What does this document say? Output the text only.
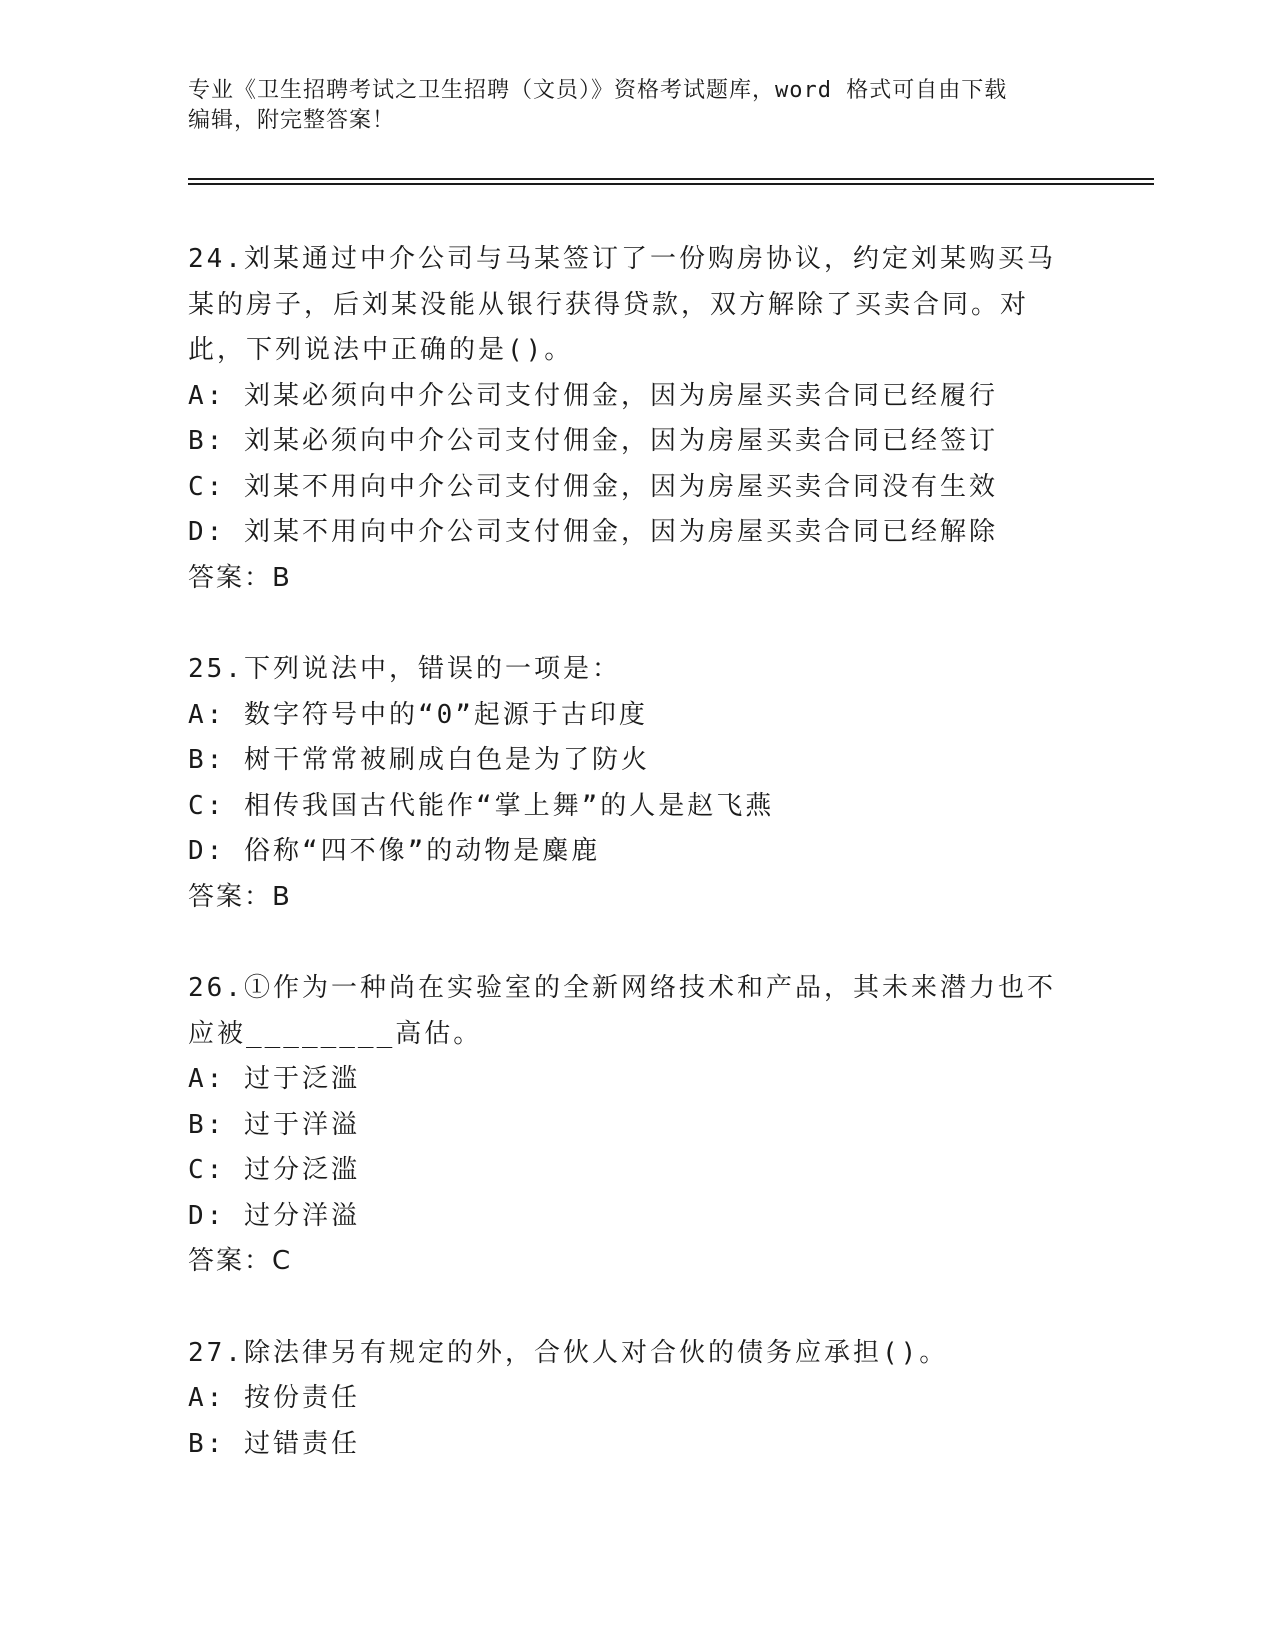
专业《卫生招聘考试之卫生招聘（文员）》资格考试题库，word 格式可自由下载
编辑，附完整答案！
24.刘某通过中介公司与马某签订了一份购房协议，约定刘某购买马某的房子，后刘某没能从银行获得贷款，双方解除了买卖合同。对此，下列说法中正确的是()。
A: 刘某必须向中介公司支付佣金，因为房屋买卖合同已经履行
B: 刘某必须向中介公司支付佣金，因为房屋买卖合同已经签订
C: 刘某不用向中介公司支付佣金，因为房屋买卖合同没有生效
D: 刘某不用向中介公司支付佣金，因为房屋买卖合同已经解除
答案：B
25.下列说法中，错误的一项是：
A: 数字符号中的“0”起源于古印度
B: 树干常常被刷成白色是为了防火
C: 相传我国古代能作“掌上舞”的人是赵飞燕
D: 俗称“四不像”的动物是麋鹿
答案：B
26.①作为一种尚在实验室的全新网络技术和产品，其未来潜力也不应被________高估。
A: 过于泛滥
B: 过于洋溢
C: 过分泛滥
D: 过分洋溢
答案：C
27.除法律另有规定的外，合伙人对合伙的债务应承担()。
A: 按份责任
B: 过错责任
